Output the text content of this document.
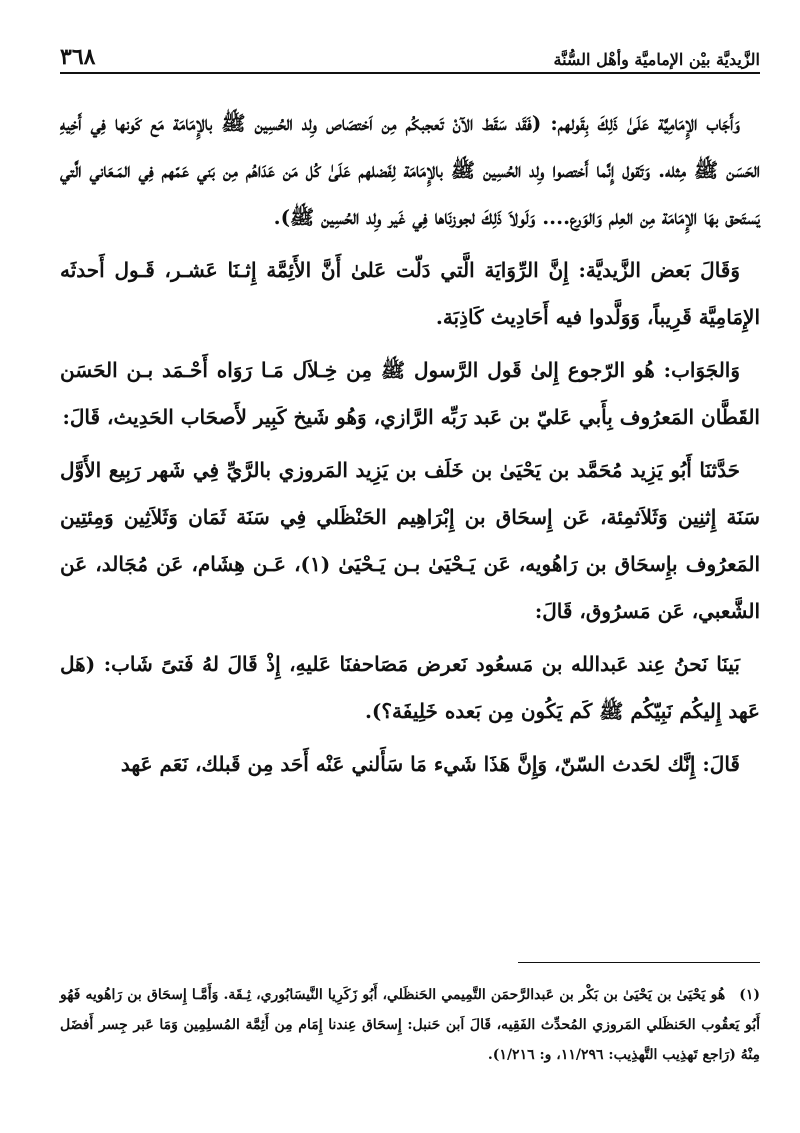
الزَّيديَّة بيْن الإماميَّة وأهْل السُّنَّة
٣٦٨

وَأَجَاب الإِمَامِيَّة عَلَىٰ ذَلِكَ بِقَولهم: (فَقَد سَقَط الآنْ تَعجبكُم مِن اَختصَاص وِلد الحُسِين ﷺ بالإِمَامَة مَع كَونها فِي أَخِيهِ الحَسَن ﷺ مِثله. وَتَقول إِنَّما أَختصوا وِلد الحُسِين ﷺ بالإِمَامَة لِفَضلهم عَلَىٰ كُل مَن عَدَاهُم مِن بَني عَمّهم فِي المَـعَاني الَّتي يَستَحق بهَا الإِمَامَة مِن العِلم وَالوَرع.... وَلَولاَ ذَلِكَ لجوزنَاها فِي غَير وِلد الحُسِين ﷺ).

وَقَالَ بَعض الزَّيديَّة: إِنَّ الرِّوَايَة الَّتي دَلّت عَلىٰ أَنَّ الأَئِمَّة إِثـنَا عَشـر، قَـول أَحدثَه الإِمَامِيَّة قَرِيباً، وَوَلَّدوا فيه أَحَادِيث كَاذِبَة.

وَالجَوَاب: هُو الرّجوع إِلىٰ قَول الرَّسول ﷺ مِن خِـلاَل مَـا رَوَاه أَحْـمَد بـن الحَسَن القَطَّان المَعرُوف بِأَبي عَليّ بن عَبد رَبِّه الرَّازي، وَهُو شَيخ كَبِير لأَصحَاب الحَدِيث، قَالَ:

حَدَّثنَا أَبُو يَزِيد مُحَمَّد بن يَحْيَىٰ بن خَلَف بن يَزِيد المَروزي بالرَّيِّ فِي شَهر رَبِيع الأَوَّل سَنَة إِثنِين وَثَلاَثمِئة، عَن إِسحَاق بن إِبْرَاهِيم الحَنْظَلي فِي سَنَة ثَمَان وَثَلاَثِين وَمِئتِين المَعرُوف بإِسحَاق بن رَاهُويه، عَن يَـحْيَىٰ بـن يَـحْيَىٰ (١)، عَـن هِشَام، عَن مُجَالد، عَن الشَّعبي، عَن مَسرُوق، قَالَ:

بَينَا نَحنُ عِند عَبدالله بن مَسعُود نَعرض مَصَاحفنَا عَليهِ، إِذْ قَالَ لهُ فَتىً شَاب: (هَل عَهد إِليكُم نَبِيّكُم ﷺ كَم يَكُون مِن بَعده خَلِيفَة؟).

قَالَ: إِنَّك لحَدث السّنّ، وَإِنَّ هَذَا شَيء مَا سَأَلني عَنْه أَحَد مِن قَبلك، نَعَم عَهد

(١)هُو يَحْيَىٰ بن يَحْيَىٰ بن بَكْر بن عَبدالرَّحمَن التَّمِيمي الحَنظَلي، أَبُو زَكَرِيا النَّيسَابُوري، ثِـقَة. وَأَمَّـا إِسحَاق بن رَاهُويه فَهُو أَبُو يَعقُوب الحَنظَلي المَروزي المُحدِّث الفَقِيه، قَالَ اَبن حَنبل: إِسحَاق عِندنا إِمَام مِن أَئِمَّة المُسلِمِين وَمَا عَبر جِسر أَفضَل مِنْهُ (رَاجع تَهذِيب التَّهذِيب: ١١/٢٩٦، و: ١/٢١٦).
